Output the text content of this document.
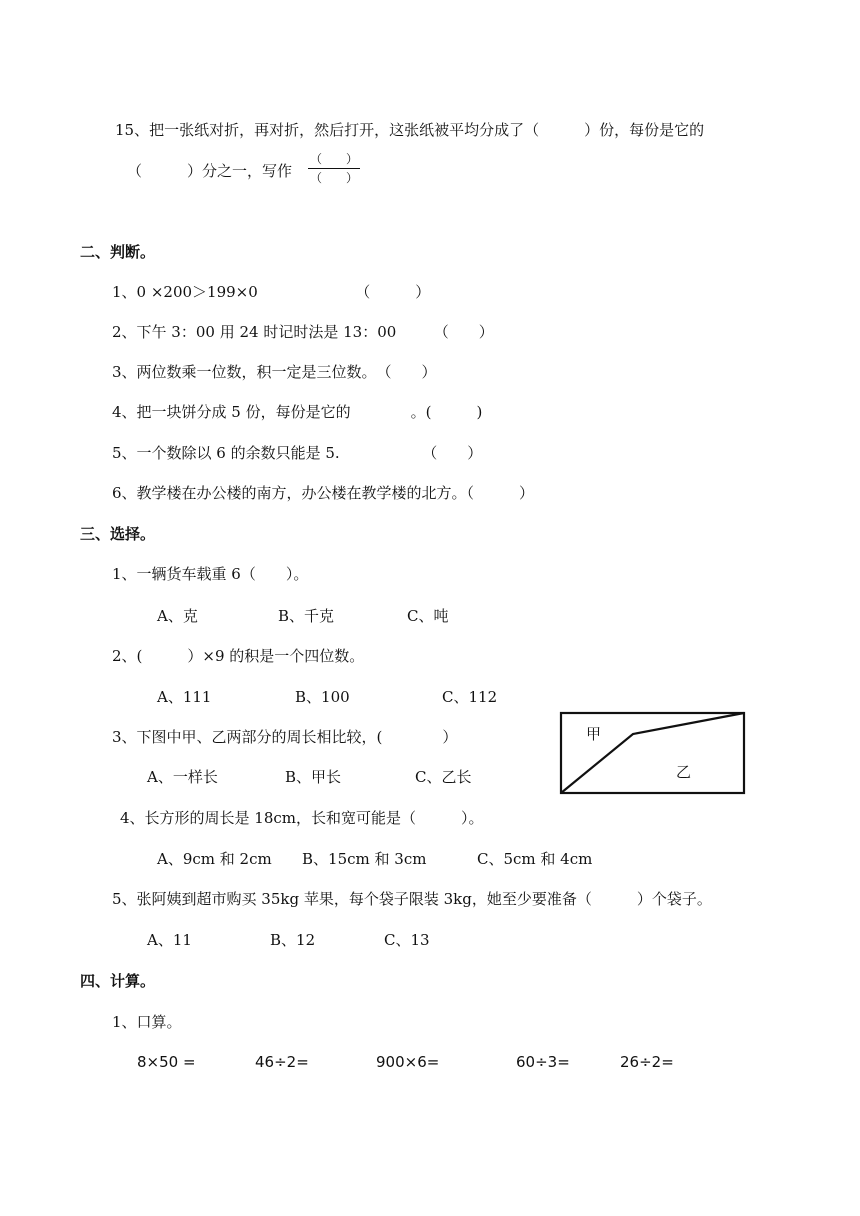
15、把一张纸对折，再对折，然后打开，这张纸被平均分成了（　　　）份，每份是它的
（　　　）分之一，写作
（　　）
（　　）
二、判断。
1、0 ×200＞199×0　　　　　　　（　　　）
2、下午 3：00 用 24 时记时法是 13：00　　　（　　）
3、两位数乘一位数，积一定是三位数。　（　　）
4、把一块饼分成 5 份，每份是它的　　　　。(　　　)
5、一个数除以 6 的余数只能是 5.　　　　　　（　　）
6、教学楼在办公楼的南方，办公楼在教学楼的北方。（　　　）
三、选择。
1、一辆货车载重 6（　　）。
A、克	B、千克	C、吨
2、(　　　）×9 的积是一个四位数。
A、111	B、100	C、112
3、下图中甲、乙两部分的周长相比较，(　　　　）
A、一样长	B、甲长	C、乙长
甲
乙
4、长方形的周长是 18cm，长和宽可能是（　　　）。
A、9cm 和 2cm B、15cm 和 3cm	C、5cm 和 4cm
5、张阿姨到超市购买 35kg 苹果，每个袋子限装 3kg，她至少要准备（　　　）个袋子。
A、11	B、12	C、13
四、计算。
1、口算。
8×50 =	46÷2=	900×6=	60÷3=	26÷2=
